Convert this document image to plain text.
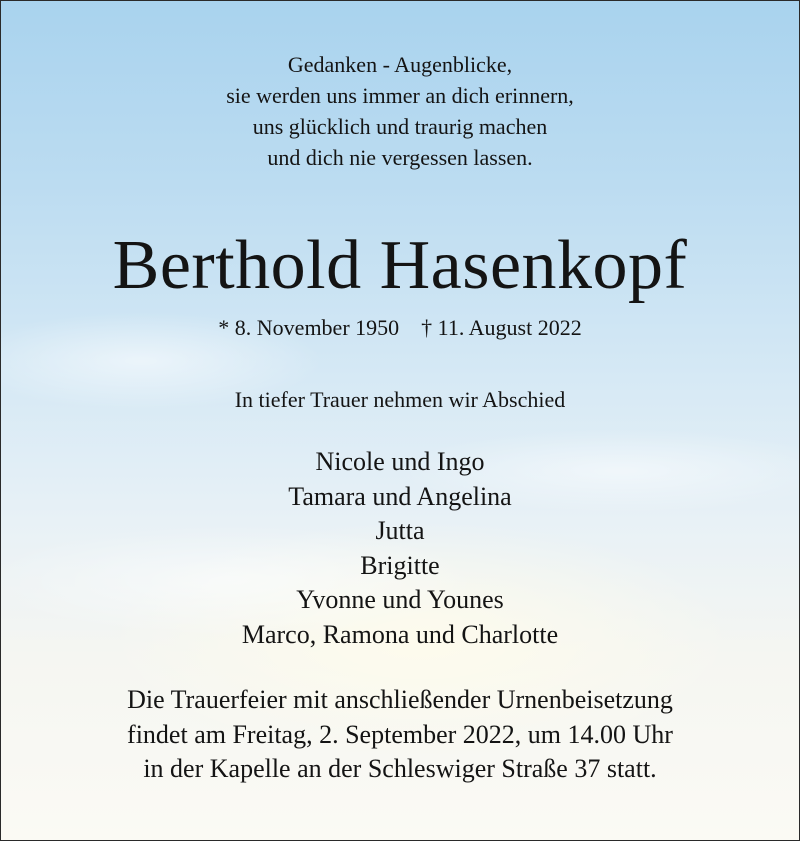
Gedanken - Augenblicke,
sie werden uns immer an dich erinnern,
uns glücklich und traurig machen
und dich nie vergessen lassen.
Berthold Hasenkopf
* 8. November 1950 † 11. August 2022
In tiefer Trauer nehmen wir Abschied
Nicole und Ingo
Tamara und Angelina
Jutta
Brigitte
Yvonne und Younes
Marco, Ramona und Charlotte
Die Trauerfeier mit anschließender Urnenbeisetzung
findet am Freitag, 2. September 2022, um 14.00 Uhr
in der Kapelle an der Schleswiger Straße 37 statt.
